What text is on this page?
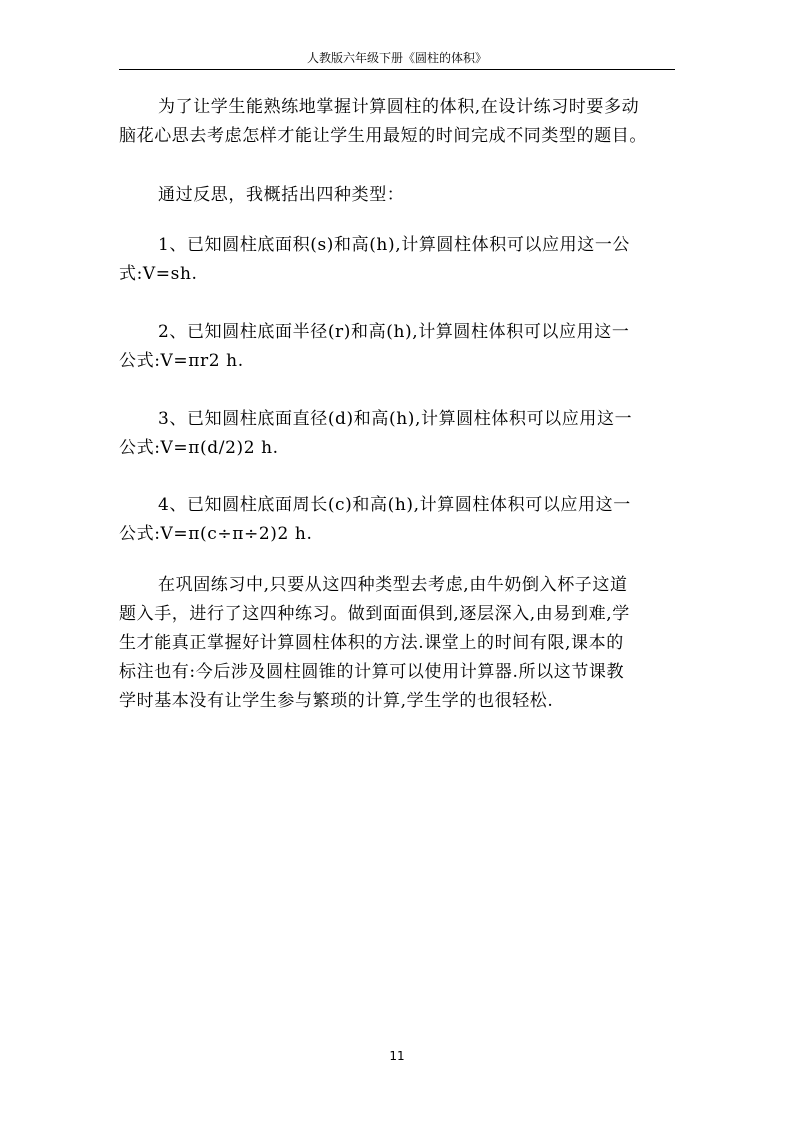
人教版六年级下册《圆柱的体积》

为了让学生能熟练地掌握计算圆柱的体积,在设计练习时要多动
脑花心思去考虑怎样才能让学生用最短的时间完成不同类型的题目。

通过反思，我概括出四种类型：

1、已知圆柱底面积(s)和高(h),计算圆柱体积可以应用这一公
式:V=sh.

2、已知圆柱底面半径(r)和高(h),计算圆柱体积可以应用这一
公式:V=πr2 h.

3、已知圆柱底面直径(d)和高(h),计算圆柱体积可以应用这一
公式:V=π(d/2)2 h.

4、已知圆柱底面周长(c)和高(h),计算圆柱体积可以应用这一
公式:V=π(c÷π÷2)2 h.

在巩固练习中,只要从这四种类型去考虑,由牛奶倒入杯子这道
题入手，进行了这四种练习。做到面面俱到,逐层深入,由易到难,学
生才能真正掌握好计算圆柱体积的方法.课堂上的时间有限,课本的
标注也有:今后涉及圆柱圆锥的计算可以使用计算器.所以这节课教
学时基本没有让学生参与繁琐的计算,学生学的也很轻松.

11
